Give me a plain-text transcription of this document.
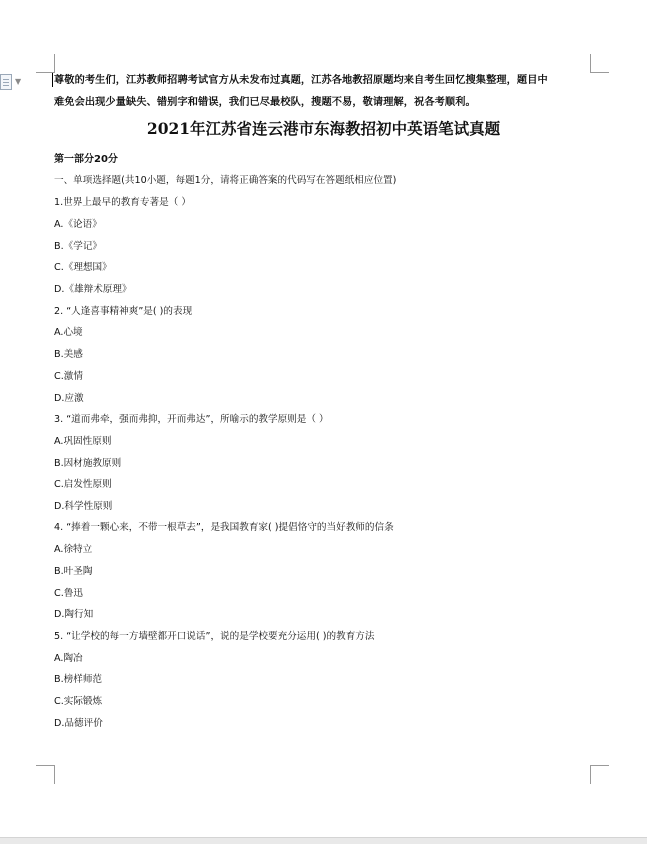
▼	尊敬的考生们，江苏教师招聘考试官方从未发布过真题，江苏各地教招原题均来自考生回忆搜集整理，题目中
难免会出现少量缺失、错别字和错误，我们已尽最校队，搜题不易，敬请理解，祝各考顺利。
2021年江苏省连云港市东海教招初中英语笔试真题
第一部分20分
一、单项选择题(共10小题，每题1分，请将正确答案的代码写在答题纸相应位置)
1.世界上最早的教育专著是（ ）
A.《论语》
B.《学记》
C.《理想国》
D.《雄辩术原理》
2. “人逢喜事精神爽”是( )的表现
A.心境
B.美感
C.激情
D.应激
3. “道而弗牵，强而弗抑，开而弗达”，所喻示的教学原则是（ ）
A.巩固性原则
B.因材施教原则
C.启发性原则
D.科学性原则
4. “捧着一颗心来，不带一根草去”，是我国教育家( )提倡恪守的当好教师的信条
A.徐特立
B.叶圣陶
C.鲁迅
D.陶行知
5. “让学校的每一方墙壁都开口说话”，说的是学校要充分运用( )的教育方法
A.陶冶
B.榜样师范
C.实际锻炼
D.品德评价
